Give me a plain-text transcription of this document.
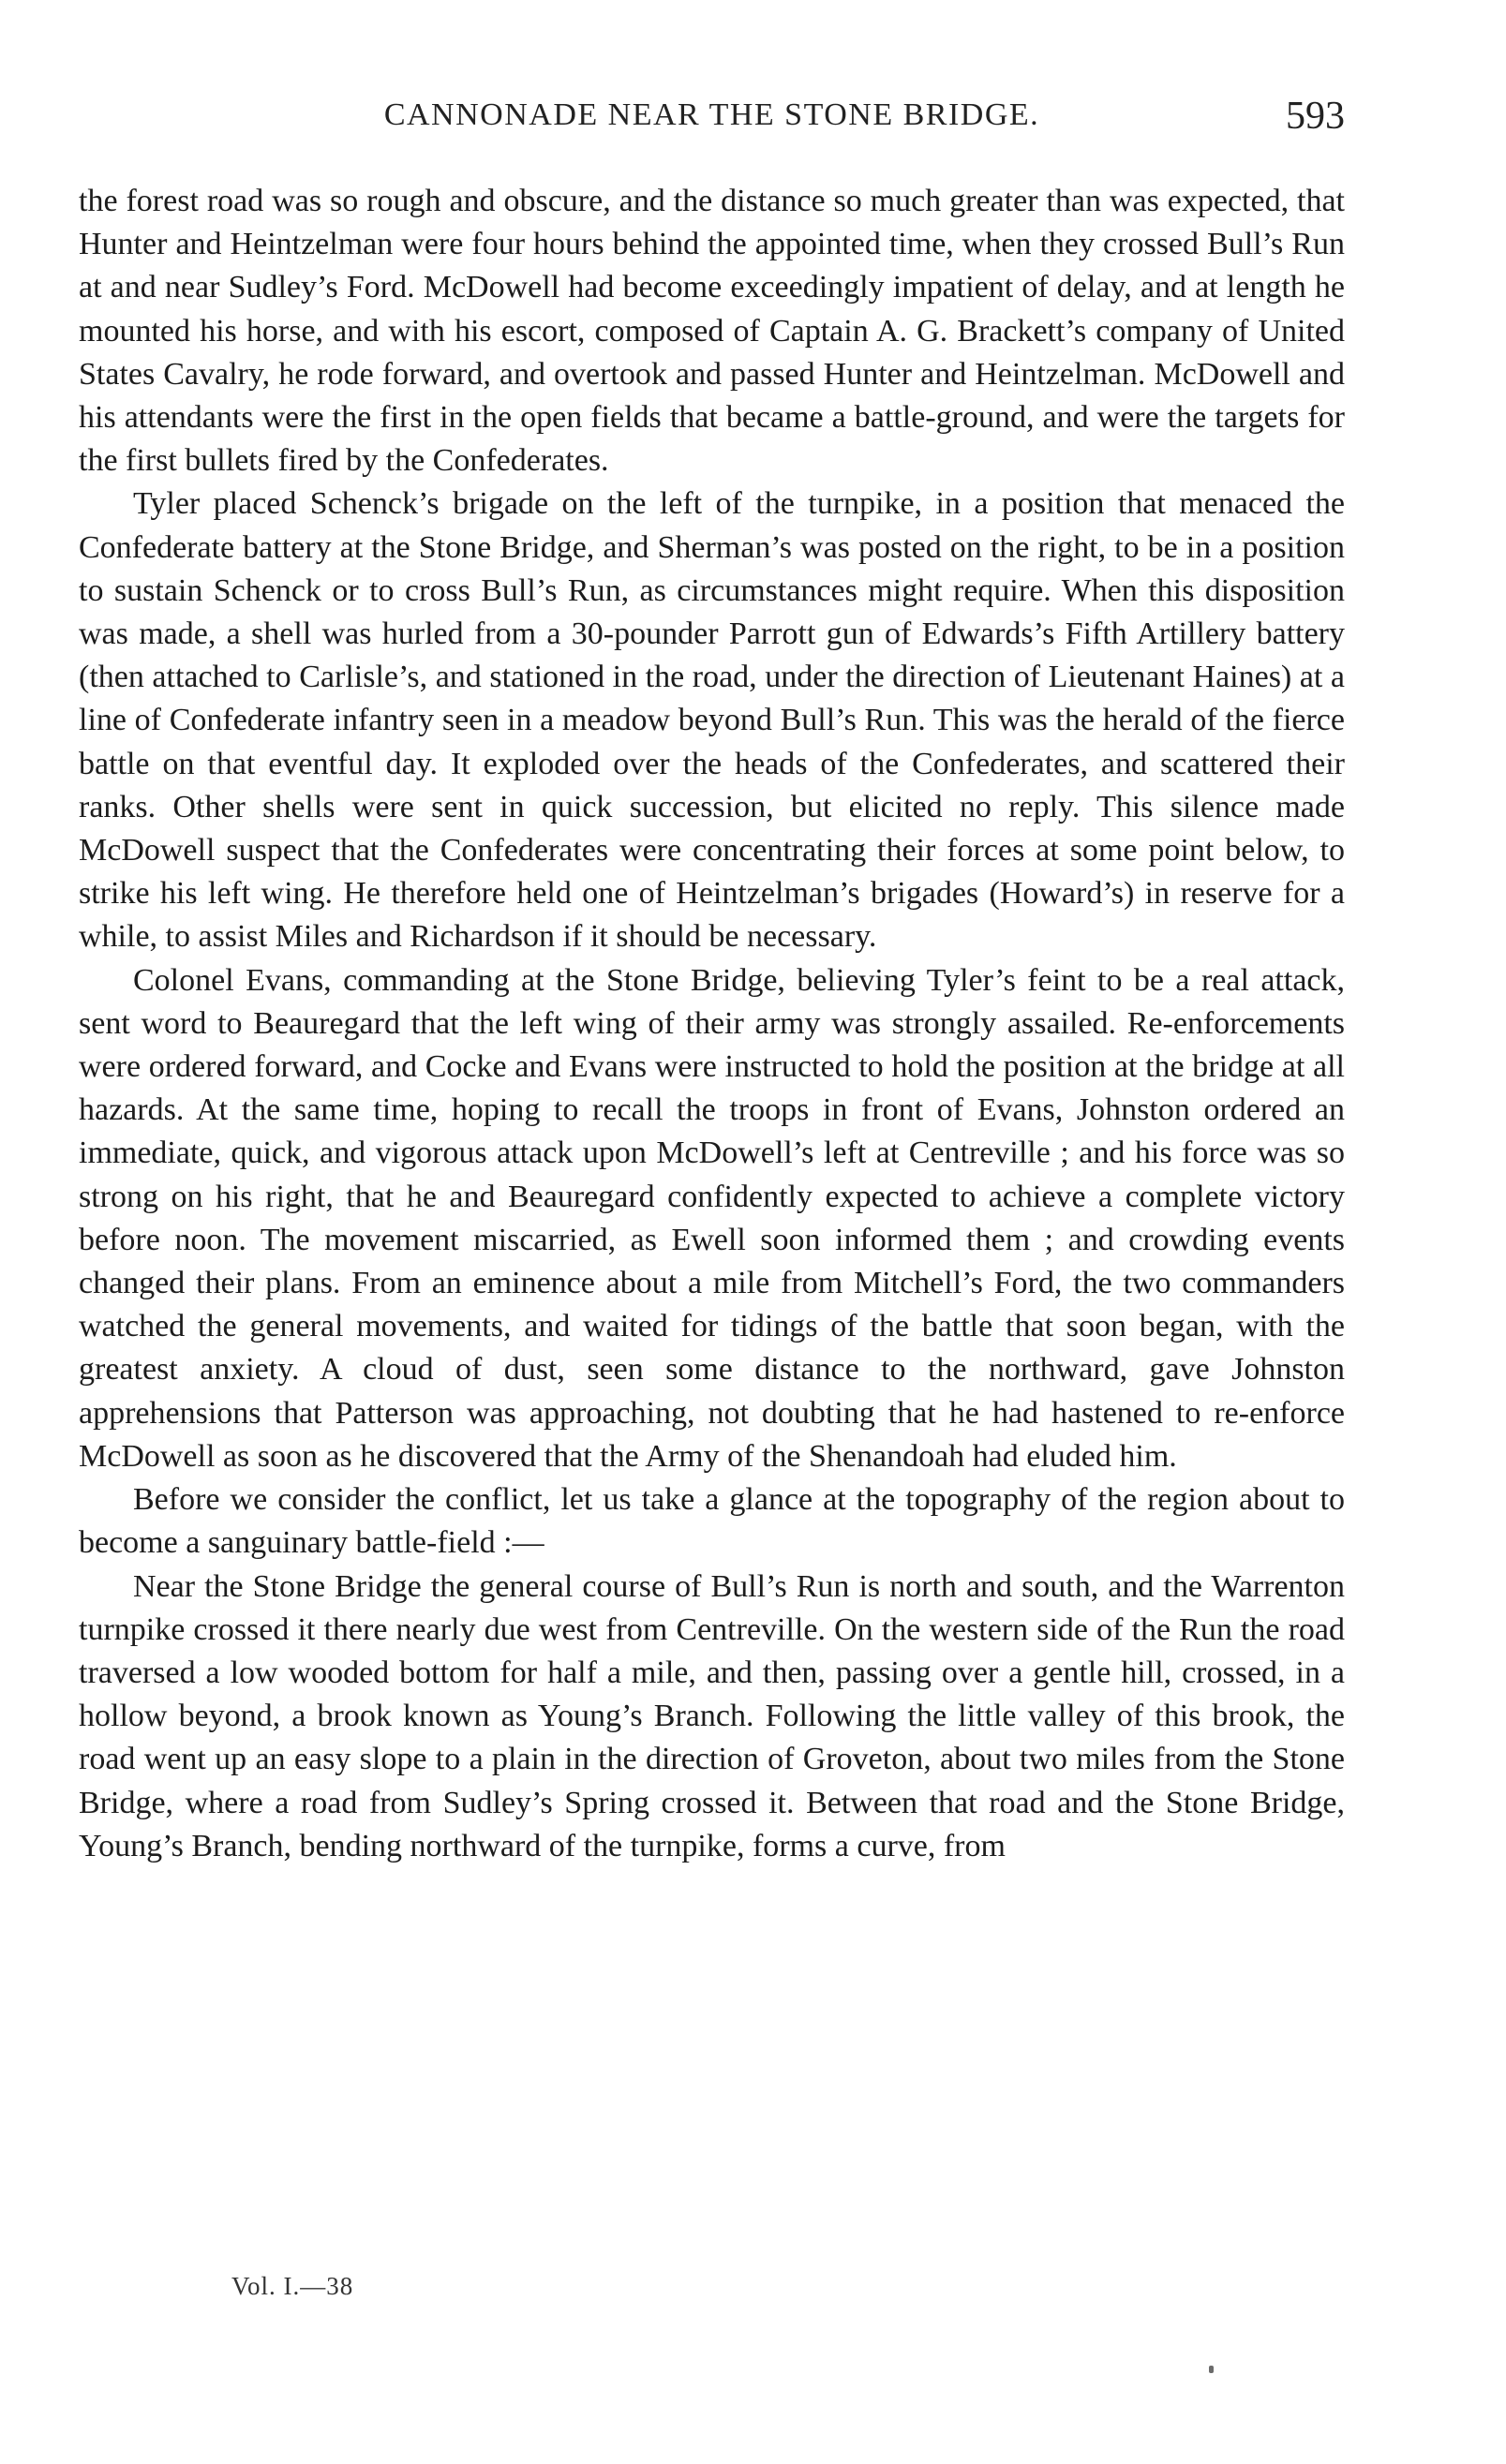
CANNONADE NEAR THE STONE BRIDGE.	593

the forest road was so rough and obscure, and the distance so much greater than was expected, that Hunter and Heintzelman were four hours behind the appointed time, when they crossed Bull’s Run at and near Sudley’s Ford. McDowell had become exceedingly impatient of delay, and at length he mounted his horse, and with his escort, composed of Captain A. G. Brackett’s company of United States Cavalry, he rode forward, and overtook and passed Hunter and Heintzelman. McDowell and his attendants were the first in the open fields that became a battle-ground, and were the targets for the first bullets fired by the Confederates.

Tyler placed Schenck’s brigade on the left of the turnpike, in a position that menaced the Confederate battery at the Stone Bridge, and Sherman’s was posted on the right, to be in a position to sustain Schenck or to cross Bull’s Run, as circumstances might require. When this disposition was made, a shell was hurled from a 30-pounder Parrott gun of Edwards’s Fifth Artillery battery (then attached to Carlisle’s, and stationed in the road, under the direction of Lieutenant Haines) at a line of Confederate infantry seen in a meadow beyond Bull’s Run. This was the herald of the fierce battle on that eventful day. It exploded over the heads of the Confederates, and scattered their ranks. Other shells were sent in quick succession, but elicited no reply. This silence made McDowell suspect that the Confederates were concentrating their forces at some point below, to strike his left wing. He therefore held one of Heintzelman’s brigades (Howard’s) in reserve for a while, to assist Miles and Richardson if it should be necessary.

Colonel Evans, commanding at the Stone Bridge, believing Tyler’s feint to be a real attack, sent word to Beauregard that the left wing of their army was strongly assailed. Re-enforcements were ordered forward, and Cocke and Evans were instructed to hold the position at the bridge at all hazards. At the same time, hoping to recall the troops in front of Evans, Johnston ordered an immediate, quick, and vigorous attack upon McDowell’s left at Centreville ; and his force was so strong on his right, that he and Beauregard confidently expected to achieve a complete victory before noon. The movement miscarried, as Ewell soon informed them ; and crowding events changed their plans. From an eminence about a mile from Mitchell’s Ford, the two commanders watched the general movements, and waited for tidings of the battle that soon began, with the greatest anxiety. A cloud of dust, seen some distance to the northward, gave Johnston apprehensions that Patterson was approaching, not doubting that he had hastened to re-enforce McDowell as soon as he discovered that the Army of the Shenandoah had eluded him.

Before we consider the conflict, let us take a glance at the topography of the region about to become a sanguinary battle-field :—

Near the Stone Bridge the general course of Bull’s Run is north and south, and the Warrenton turnpike crossed it there nearly due west from Centreville. On the western side of the Run the road traversed a low wooded bottom for half a mile, and then, passing over a gentle hill, crossed, in a hollow beyond, a brook known as Young’s Branch. Following the little valley of this brook, the road went up an easy slope to a plain in the direction of Groveton, about two miles from the Stone Bridge, where a road from Sudley’s Spring crossed it. Between that road and the Stone Bridge, Young’s Branch, bending northward of the turnpike, forms a curve, from

Vol. I.—38
